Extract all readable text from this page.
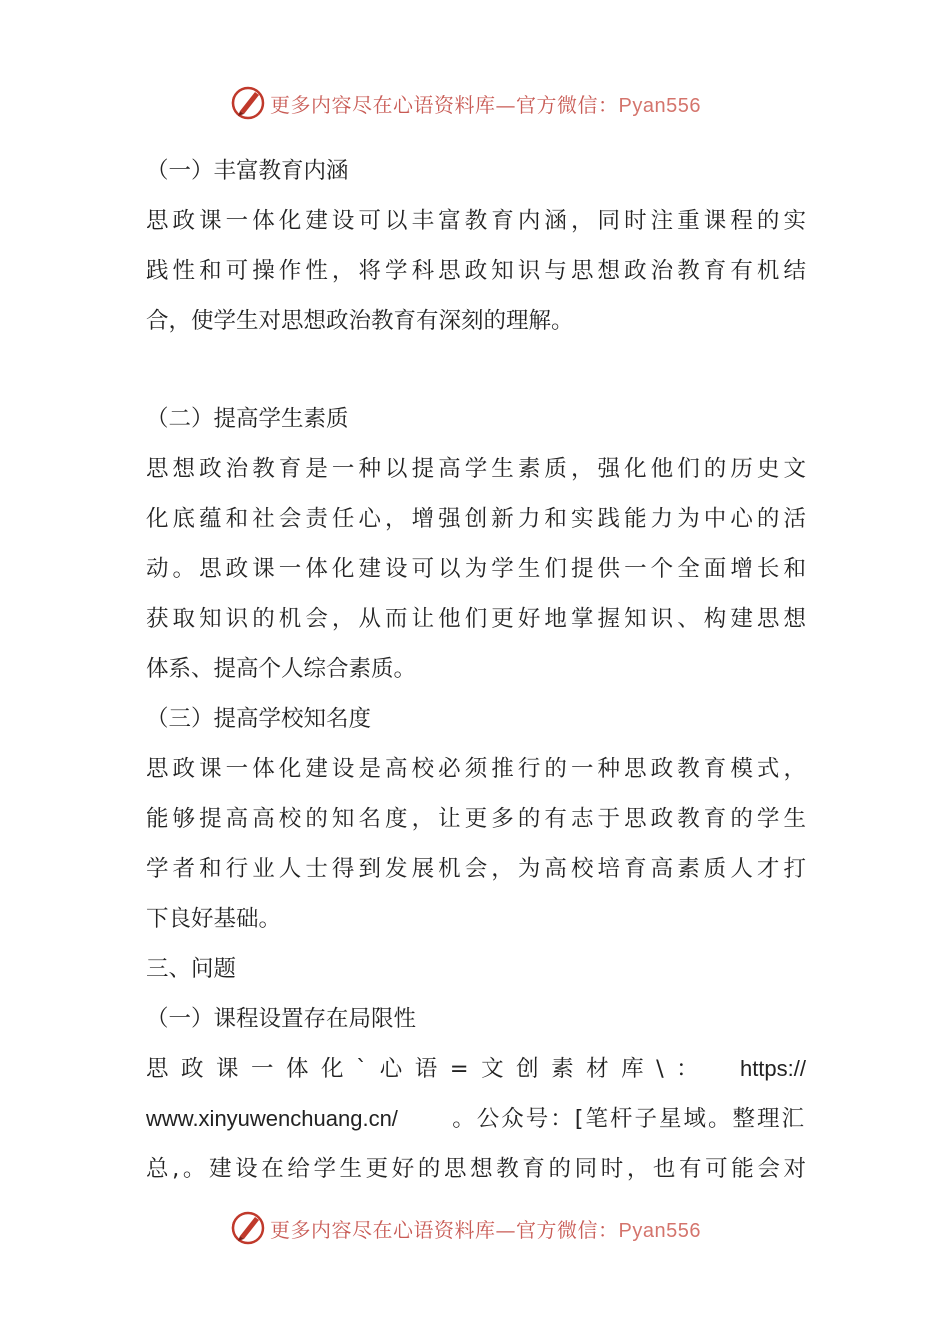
更多内容尽在心语资料库—官方微信：Pyan556
（一）丰富教育内涵
思政课一体化建设可以丰富教育内涵，同时注重课程的实
践性和可操作性，将学科思政知识与思想政治教育有机结
合，使学生对思想政治教育有深刻的理解。
（二）提高学生素质
思想政治教育是一种以提高学生素质，强化他们的历史文
化底蕴和社会责任心，增强创新力和实践能力为中心的活
动。思政课一体化建设可以为学生们提供一个全面增长和
获取知识的机会，从而让他们更好地掌握知识、构建思想
体系、提高个人综合素质。
（三）提高学校知名度
思政课一体化建设是高校必须推行的一种思政教育模式，
能够提高高校的知名度，让更多的有志于思政教育的学生
学者和行业人士得到发展机会，为高校培育高素质人才打
下良好基础。
三、问题
（一）课程设置存在局限性
思政课一体化`心语=文创素材库\： https://
www.xinyuwenchuang.cn/ 。公众号：[笔杆子星域。整理汇
总,。建设在给学生更好的思想教育的同时，也有可能会对
更多内容尽在心语资料库—官方微信：Pyan556
